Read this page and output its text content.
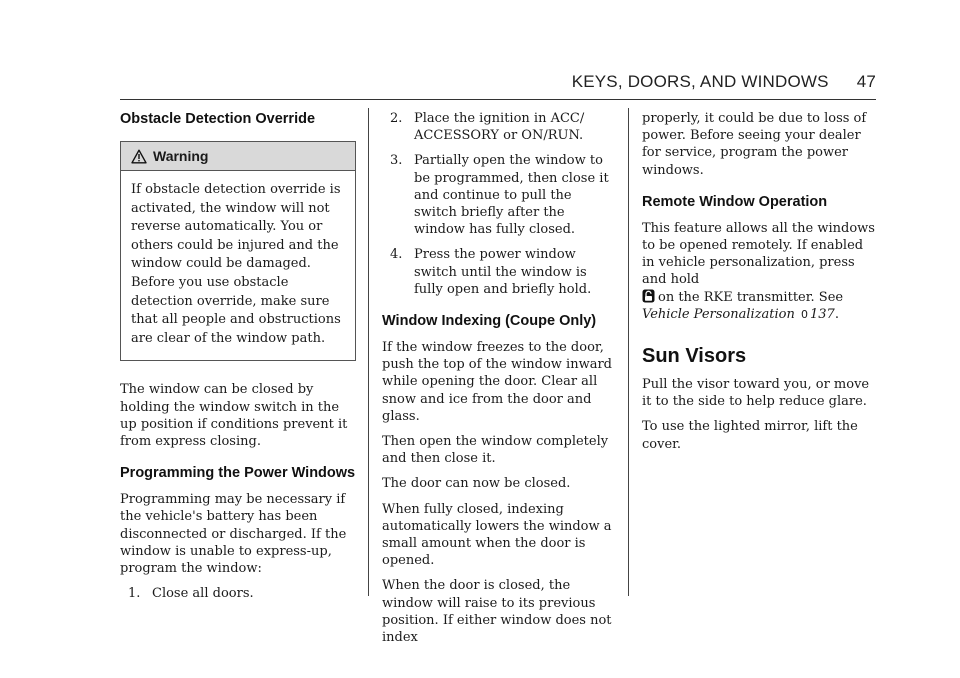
KEYS, DOORS, AND WINDOWS 47
Obstacle Detection Override
Warning
If obstacle detection override is activated, the window will not reverse automatically. You or others could be injured and the window could be damaged. Before you use obstacle detection override, make sure that all people and obstructions are clear of the window path.

The window can be closed by holding the window switch in the up position if conditions prevent it from express closing.

Programming the Power Windows

Programming may be necessary if the vehicle's battery has been disconnected or discharged. If the window is unable to express-up, program the window:

1. Close all doors.
2. Place the ignition in ACC/ ACCESSORY or ON/RUN.
3. Partially open the window to be programmed, then close it and continue to pull the switch briefly after the window has fully closed.
4. Press the power window switch until the window is fully open and briefly hold.
Window Indexing (Coupe Only)

If the window freezes to the door, push the top of the window inward while opening the door. Clear all snow and ice from the door and glass.

Then open the window completely and then close it.

The door can now be closed.

When fully closed, indexing automatically lowers the window a small amount when the door is opened.

When the door is closed, the window will raise to its previous position. If either window does not index

properly, it could be due to loss of power. Before seeing your dealer for service, program the power windows.

Remote Window Operation

This feature allows all the windows to be opened remotely. If enabled in vehicle personalization, press and hold
on the RKE transmitter. See Vehicle Personalization 0 137.

Sun Visors

Pull the visor toward you, or move it to the side to help reduce glare.

To use the lighted mirror, lift the cover.
